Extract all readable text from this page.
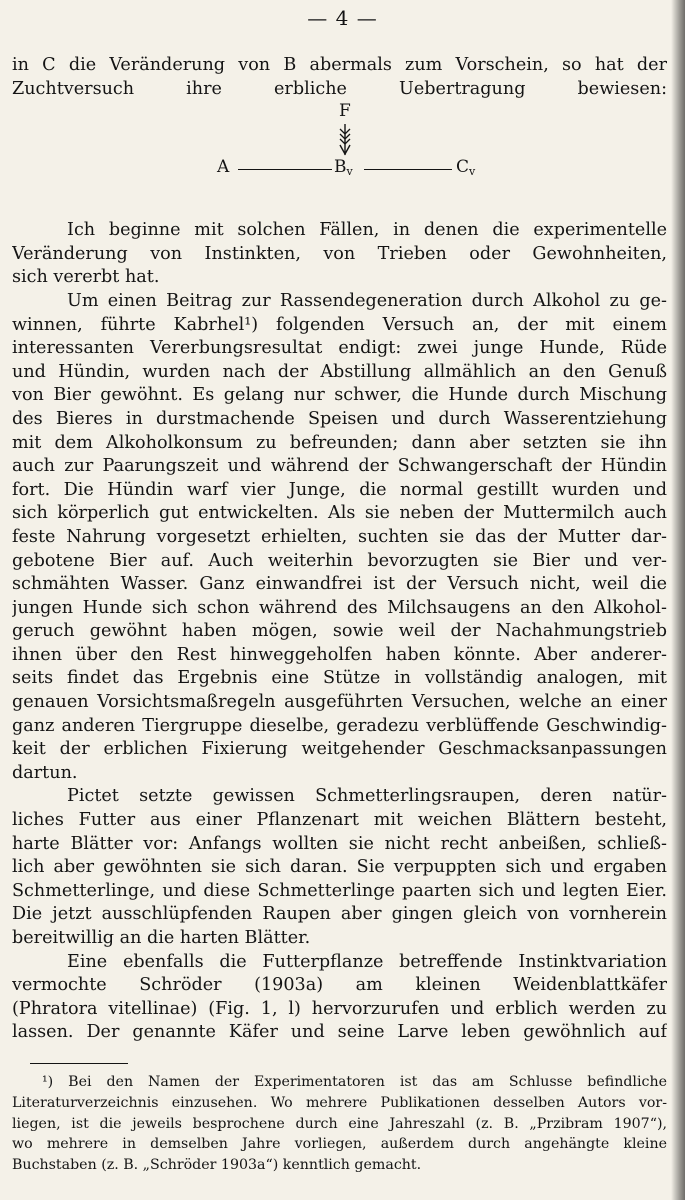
— 4 —
in C die Veränderung von B abermals zum Vorschein, so hat der
Zuchtversuch ihre erbliche Uebertragung bewiesen:
F
A	$B_v$	$C_v$
Ich beginne mit solchen Fällen, in denen die experimentelle
Veränderung von Instinkten, von Trieben oder Gewohnheiten,
sich vererbt hat.
Um einen Beitrag zur Rassendegeneration durch Alkohol zu ge-
winnen, führte Kabrhel¹) folgenden Versuch an, der mit einem
interessanten Vererbungsresultat endigt: zwei junge Hunde, Rüde
und Hündin, wurden nach der Abstillung allmählich an den Genuß
von Bier gewöhnt. Es gelang nur schwer, die Hunde durch Mischung
des Bieres in durstmachende Speisen und durch Wasserentziehung
mit dem Alkoholkonsum zu befreunden; dann aber setzten sie ihn
auch zur Paarungszeit und während der Schwangerschaft der Hündin
fort. Die Hündin warf vier Junge, die normal gestillt wurden und
sich körperlich gut entwickelten. Als sie neben der Muttermilch auch
feste Nahrung vorgesetzt erhielten, suchten sie das der Mutter dar-
gebotene Bier auf. Auch weiterhin bevorzugten sie Bier und ver-
schmähten Wasser. Ganz einwandfrei ist der Versuch nicht, weil die
jungen Hunde sich schon während des Milchsaugens an den Alkohol-
geruch gewöhnt haben mögen, sowie weil der Nachahmungstrieb
ihnen über den Rest hinweggeholfen haben könnte. Aber anderer-
seits findet das Ergebnis eine Stütze in vollständig analogen, mit
genauen Vorsichtsmaßregeln ausgeführten Versuchen, welche an einer
ganz anderen Tiergruppe dieselbe, geradezu verblüffende Geschwindig-
keit der erblichen Fixierung weitgehender Geschmacksanpassungen
dartun.
Pictet setzte gewissen Schmetterlingsraupen, deren natür-
liches Futter aus einer Pflanzenart mit weichen Blättern besteht,
harte Blätter vor: Anfangs wollten sie nicht recht anbeißen, schließ-
lich aber gewöhnten sie sich daran. Sie verpuppten sich und ergaben
Schmetterlinge, und diese Schmetterlinge paarten sich und legten Eier.
Die jetzt ausschlüpfenden Raupen aber gingen gleich von vornherein
bereitwillig an die harten Blätter.
Eine ebenfalls die Futterpflanze betreffende Instinktvariation
vermochte Schröder (1903a) am kleinen Weidenblattkäfer
(Phratora vitellinae) (Fig. 1, l) hervorzurufen und erblich werden zu
lassen. Der genannte Käfer und seine Larve leben gewöhnlich auf
¹) Bei den Namen der Experimentatoren ist das am Schlusse befindliche
Literaturverzeichnis einzusehen. Wo mehrere Publikationen desselben Autors vor-
liegen, ist die jeweils besprochene durch eine Jahreszahl (z. B. „Przibram 1907“),
wo mehrere in demselben Jahre vorliegen, außerdem durch angehängte kleine
Buchstaben (z. B. „Schröder 1903a“) kenntlich gemacht.
